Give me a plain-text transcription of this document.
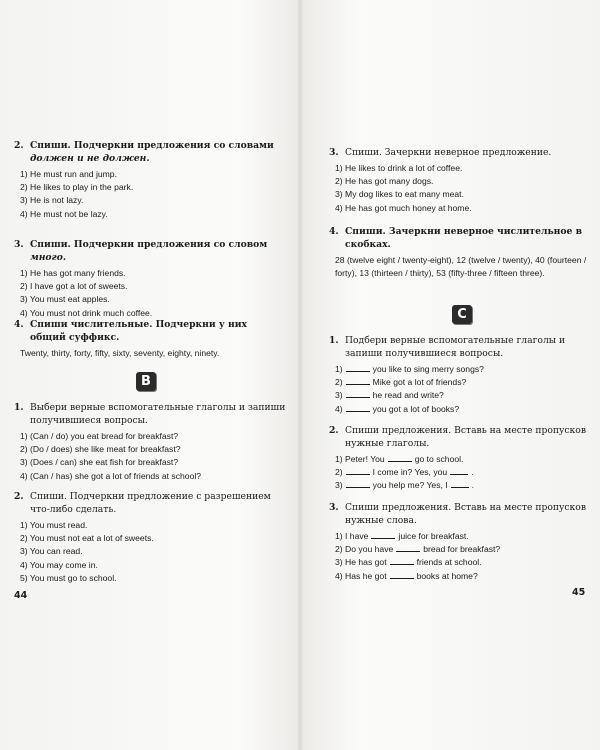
2. Спиши. Подчеркни предложения со словами должен и не должен.
1) He must run and jump.
2) He likes to play in the park.
3) He is not lazy.
4) He must not be lazy.
3. Спиши. Подчеркни предложения со словом много.
1) He has got many friends.
2) I have got a lot of sweets.
3) You must eat apples.
4) You must not drink much coffee.
4. Спиши числительные. Подчеркни у них общий суффикс.
Twenty, thirty, forty, fifty, sixty, seventy, eighty, ninety.
B
1. Выбери верные вспомогательные глаголы и запиши получившиеся вопросы.
1) (Can / do) you eat bread for breakfast?
2) (Do / does) she like meat for breakfast?
3) (Does / can) she eat fish for breakfast?
4) (Can / has) she got a lot of friends at school?
2. Спиши. Подчеркни предложение с разрешением что-либо сделать.
1) You must read.
2) You must not eat a lot of sweets.
3) You can read.
4) You may come in.
5) You must go to school.
44
3. Спиши. Зачеркни неверное предложение.
1) He likes to drink a lot of coffee.
2) He has got many dogs.
3) My dog likes to eat many meat.
4) He has got much honey at home.
4. Спиши. Зачеркни неверное числительное в скобках.
28 (twelve eight / twenty-eight), 12 (twelve / twenty), 40 (fourteen / forty), 13 (thirteen / thirty), 53 (fifty-three / fifteen three).
C
1. Подбери верные вспомогательные глаголы и запиши получившиеся вопросы.
1)	you like to sing merry songs?
2)	Mike got a lot of friends?
3)	he read and write?
4)	you got a lot of books?
2. Спиши предложения. Вставь на месте пропусков нужные глаголы.
1) Peter! You	go to school.
2)	I come in? Yes, you	.
3)	you help me? Yes, I	.
3. Спиши предложения. Вставь на месте пропусков нужные слова.
1) I have	juice for breakfast.
2) Do you have	bread for breakfast?
3) He has got	friends at school.
4) Has he got	books at home?
45
